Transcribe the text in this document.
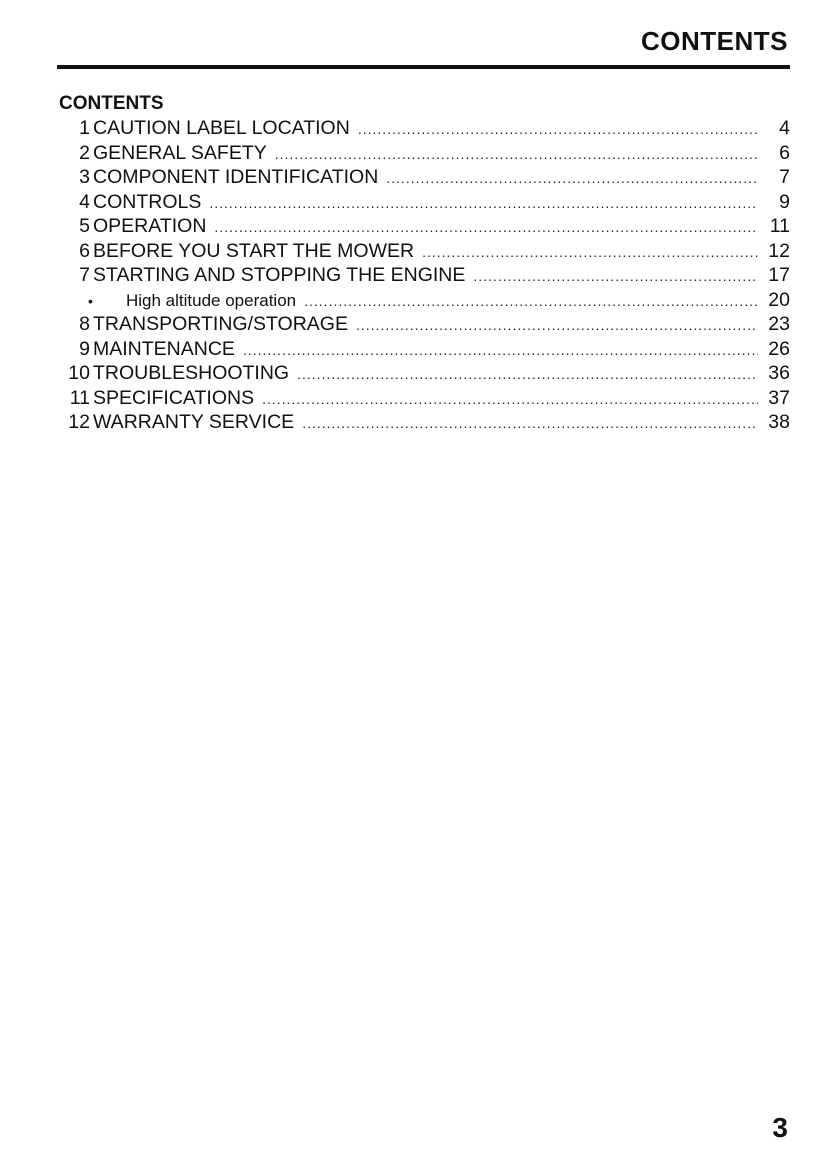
CONTENTS
CONTENTS
1 CAUTION LABEL LOCATION .....	4
2 GENERAL SAFETY .....	6
3 COMPONENT IDENTIFICATION .....	7
4 CONTROLS .....	9
5 OPERATION .....	11
6 BEFORE YOU START THE MOWER .....	12
7 STARTING AND STOPPING THE ENGINE .....	17
•	High altitude operation .....	20
8 TRANSPORTING/STORAGE .....	23
9 MAINTENANCE .....	26
10 TROUBLESHOOTING .....	36
11 SPECIFICATIONS .....	37
12 WARRANTY SERVICE .....	38
3
